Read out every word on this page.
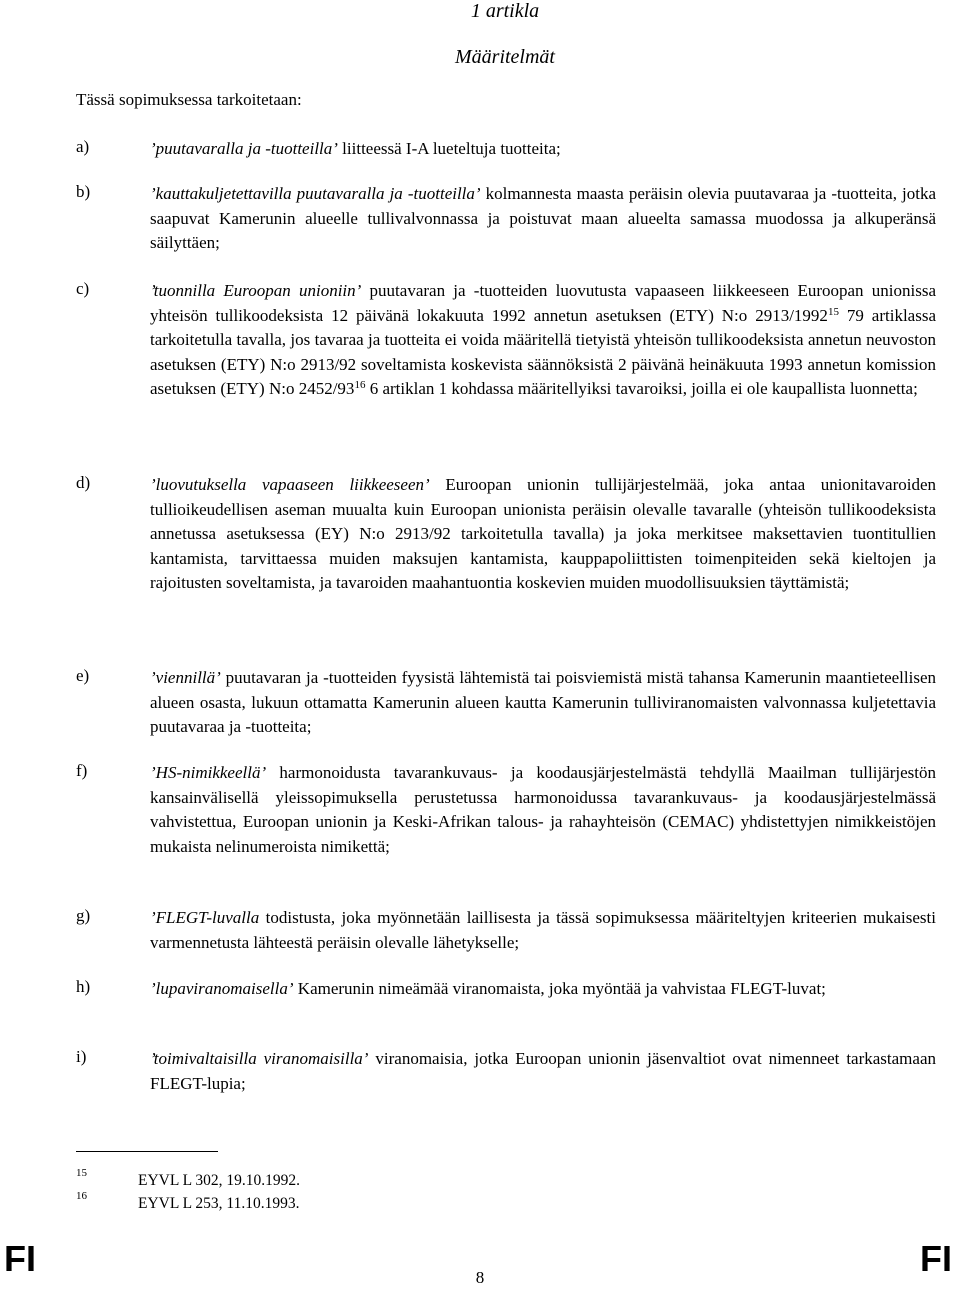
1 artikla
Määritelmät
Tässä sopimuksessa tarkoitetaan:
a)	’puutavaralla ja -tuotteilla’ liitteessä I-A lueteltuja tuotteita;
b)	’kauttakuljetettavilla puutavaralla ja -tuotteilla’ kolmannesta maasta peräisin olevia puutavaraa ja -tuotteita, jotka saapuvat Kamerunin alueelle tullivalvonnassa ja poistuvat maan alueelta samassa muodossa ja alkuperänsä säilyttäen;
c)	’tuonnilla Euroopan unioniin’ puutavaran ja -tuotteiden luovutusta vapaaseen liikkeeseen Euroopan unionissa yhteisön tullikoodeksista 12 päivänä lokakuuta 1992 annetun asetuksen (ETY) N:o 2913/1992$^{15}$ 79 artiklassa tarkoitetulla tavalla, jos tavaraa ja tuotteita ei voida määritellä tietyistä yhteisön tullikoodeksista annetun neuvoston asetuksen (ETY) N:o 2913/92 soveltamista koskevista säännöksistä 2 päivänä heinäkuuta 1993 annetun komission asetuksen (ETY) N:o $2452/93^{16}$ 6 artiklan 1 kohdassa määritellyiksi tavaroiksi, joilla ei ole kaupallista luonnetta;
d)	’luovutuksella vapaaseen liikkeeseen’ Euroopan unionin tullijärjestelmää, joka antaa unionitavaroiden tullioikeudellisen aseman muualta kuin Euroopan unionista peräisin olevalle tavaralle (yhteisön tullikoodeksista annetussa asetuksessa (EY) N:o 2913/92 tarkoitetulla tavalla) ja joka merkitsee maksettavien tuontitullien kantamista, tarvittaessa muiden maksujen kantamista, kauppapoliittisten toimenpiteiden sekä kieltojen ja rajoitusten soveltamista, ja tavaroiden maahantuontia koskevien muiden muodollisuuksien täyttämistä;
e)	’viennillä’ puutavaran ja -tuotteiden fyysistä lähtemistä tai poisviemistä mistä tahansa Kamerunin maantieteellisen alueen osasta, lukuun ottamatta Kamerunin alueen kautta Kamerunin tulliviranomaisten valvonnassa kuljetettavia puutavaraa ja -tuotteita;
f)	’HS-nimikkeellä’ harmonoidusta tavarankuvaus- ja koodausjärjestelmästä tehdyllä Maailman tullijärjestön kansainvälisellä yleissopimuksella perustetussa harmonoidussa tavarankuvaus- ja koodausjärjestelmässä vahvistettua, Euroopan unionin ja Keski-Afrikan talous- ja rahayhteisön (CEMAC) yhdistettyjen nimikkeistöjen mukaista nelinumeroista nimikettä;
g)	’FLEGT-luvalla todistusta, joka myönnetään laillisesta ja tässä sopimuksessa määriteltyjen kriteerien mukaisesti varmennetusta lähteestä peräisin olevalle lähetykselle;
h)	’lupaviranomaisella’ Kamerunin nimeämää viranomaista, joka myöntää ja vahvistaa FLEGT-luvat;
i)	’toimivaltaisilla viranomaisilla’ viranomaisia, jotka Euroopan unionin jäsenvaltiot ovat nimenneet tarkastamaan FLEGT-lupia;
15	EYVL L 302, 19.10.1992.
16	EYVL L 253, 11.10.1993.
FI	8	FI
